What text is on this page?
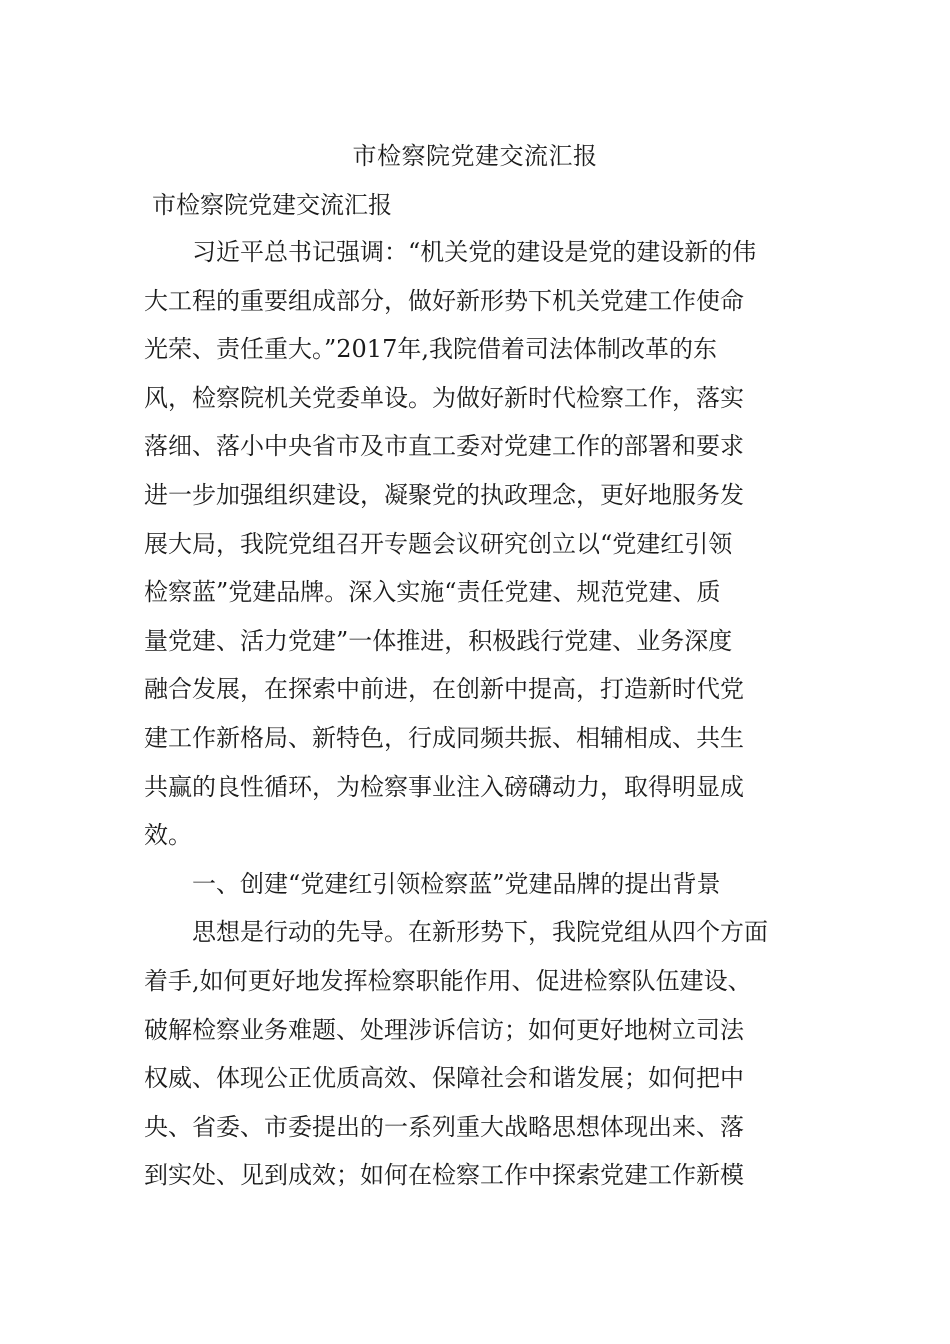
市检察院党建交流汇报
市检察院党建交流汇报

习近平总书记强调：“机关党的建设是党的建设新的伟
大工程的重要组成部分，做好新形势下机关党建工作使命
光荣、责任重大。”2017年,我院借着司法体制改革的东
风，检察院机关党委单设。为做好新时代检察工作，落实
落细、落小中央省市及市直工委对党建工作的部署和要求
进一步加强组织建设，凝聚党的执政理念，更好地服务发
展大局，我院党组召开专题会议研究创立以“党建红引领
检察蓝”党建品牌。深入实施“责任党建、规范党建、质
量党建、活力党建”一体推进，积极践行党建、业务深度
融合发展，在探索中前进，在创新中提高，打造新时代党
建工作新格局、新特色，行成同频共振、相辅相成、共生
共赢的良性循环，为检察事业注入磅礴动力，取得明显成
效。

一、创建“党建红引领检察蓝”党建品牌的提出背景

思想是行动的先导。在新形势下，我院党组从四个方面
着手,如何更好地发挥检察职能作用、促进检察队伍建设、
破解检察业务难题、处理涉诉信访；如何更好地树立司法
权威、体现公正优质高效、保障社会和谐发展；如何把中
央、省委、市委提出的一系列重大战略思想体现出来、落
到实处、见到成效；如何在检察工作中探索党建工作新模
